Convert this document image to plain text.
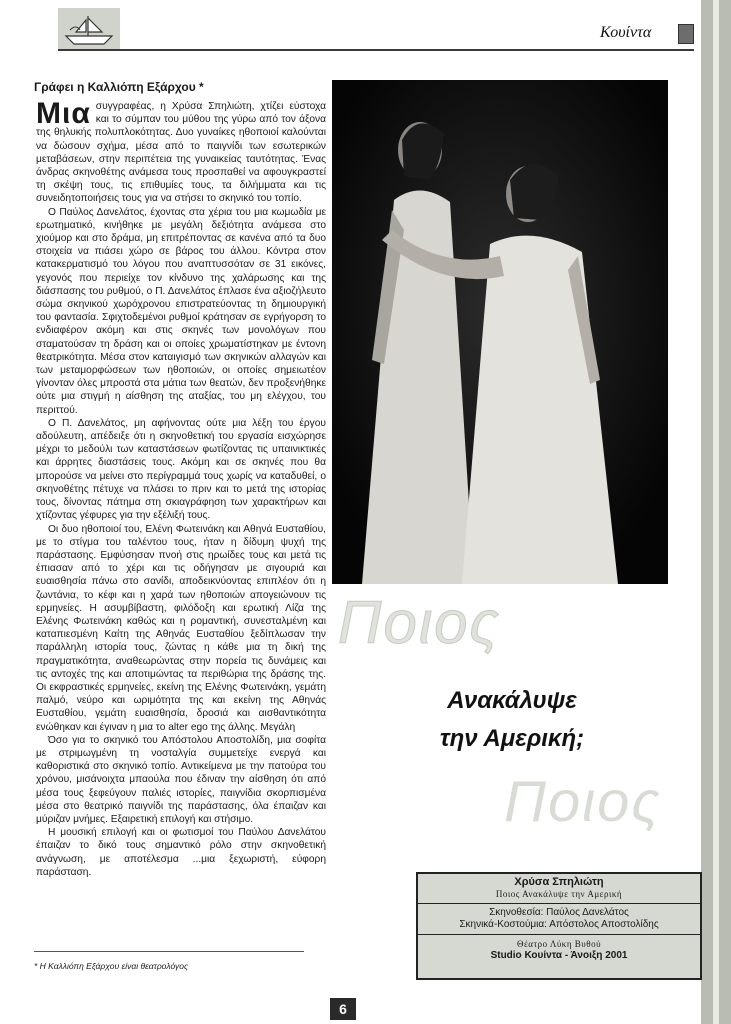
Κουίντα
Γράφει η Καλλιόπη Εξάρχου *

Μια συγγραφέας, η Χρύσα Σπηλιώτη, χτίζει εύστοχα και το σύμπαν του μύθου της γύρω από τον άξονα της θηλυκής πολυπλοκότητας. Δυο γυναίκες ηθοποιοί καλούνται να δώσουν σχήμα, μέσα από το παιγνίδι των εσωτερικών μεταβάσεων, στην περιπέτεια της γυναικείας ταυτότητας. Ένας άνδρας σκηνοθέτης ανάμεσα τους προσπαθεί να αφουγκραστεί τη σκέψη τους, τις επιθυμίες τους, τα διλήμματα και τις συνειδητοποιήσεις τους για να στήσει το σκηνικό του τοπίο.

Ο Παύλος Δανελάτος, έχοντας στα χέρια του μια κωμωδία με ερωτηματικό, κινήθηκε με μεγάλη δεξιότητα ανάμεσα στο χιούμορ και στο δράμα, μη επιτρέποντας σε κανένα από τα δυο στοιχεία να πιάσει χώρο σε βάρος του άλλου. Κόντρα στον κατακερματισμό του λόγου που αναπτυσσόταν σε 31 εικόνες, γεγονός που περιείχε τον κίνδυνο της χαλάρωσης και της διάσπασης του ρυθμού, ο Π. Δανελάτος έπλασε ένα αξιοζήλευτο σώμα σκηνικού χωρόχρονου επιστρατεύοντας τη δημιουργική του φαντασία. Σφιχτοδεμένοι ρυθμοί κράτησαν σε εγρήγορση το ενδιαφέρον ακόμη και στις σκηνές των μονολόγων που σταματούσαν τη δράση και οι οποίες χρωματίστηκαν με έντονη θεατρικότητα. Μέσα στον καταιγισμό των σκηνικών αλλαγών και των μεταμορφώσεων των ηθοποιών, οι οποίες σημειωτέον γίνονταν όλες μπροστά στα μάτια των θεατών, δεν προξενήθηκε ούτε μια στιγμή η αίσθηση της αταξίας, του μη ελέγχου, του περιττού.

Ο Π. Δανελάτος, μη αφήνοντας ούτε μια λέξη του έργου αδούλευτη, απέδειξε ότι η σκηνοθετική του εργασία εισχώρησε μέχρι το μεδούλι των καταστάσεων φωτίζοντας τις υπαινικτικές και άρρητες διαστάσεις τους. Ακόμη και σε σκηνές που θα μπορούσε να μείνει στο περίγραμμά τους χωρίς να καταδυθεί, ο σκηνοθέτης πέτυχε να πλάσει το πριν και το μετά της ιστορίας τους, δίνοντας πάτημα στη σκιαγράφηση των χαρακτήρων και χτίζοντας γέφυρες για την εξέλιξή τους.

Οι δυο ηθοποιοί του, Ελένη Φωτεινάκη και Αθηνά Ευσταθίου, με το στίγμα του ταλέντου τους, ήταν η δίδυμη ψυχή της παράστασης. Εμφύσησαν πνοή στις ηρωίδες τους και μετά τις έπιασαν από το χέρι και τις οδήγησαν με σιγουριά και ευαισθησία πάνω στο σανίδι, αποδεικνύοντας επιπλέον ότι η ζωντάνια, το κέφι και η χαρά των ηθοποιών απογειώνουν τις ερμηνείες. Η ασυμβίβαστη, φιλόδοξη και ερωτική Λίζα της Ελένης Φωτεινάκη καθώς και η ρομαντική, συνεσταλμένη και καταπιεσμένη Καίτη της Αθηνάς Ευσταθίου ξεδίπλωσαν την παράλληλη ιστορία τους, ζώντας η κάθε μια τη δική της πραγματικότητα, αναθεωρώντας στην πορεία τις δυνάμεις και τις αντοχές της και αποτιμώντας τα περιθώρια της δράσης της. Οι εκφραστικές ερμηνείες, εκείνη της Ελένης Φωτεινάκη, γεμάτη παλμό, νεύρο και ωριμότητα της και εκείνη της Αθηνάς Ευσταθίου, γεμάτη ευαισθησία, δροσιά και αισθαντικότητα ενώθηκαν και έγιναν η μια το alter ego της άλλης. Μεγάλη

Όσο για το σκηνικό του Απόστολου Αποστολίδη, μια σοφίτα με στριμωγμένη τη νοσταλγία συμμετείχε ενεργά και καθοριστικά στο σκηνικό τοπίο. Αντικείμενα με την πατούρα του χρόνου, μισάνοιχτα μπαούλα που έδιναν την αίσθηση ότι από μέσα τους ξεφεύγουν παλιές ιστορίες, παιγνίδια σκορπισμένα μέσα στο θεατρικό παιγνίδι της παράστασης, όλα έπαιζαν και μύριζαν μνήμες. Εξαιρετική επιλογή και στήσιμο.

Η μουσική επιλογή και οι φωτισμοί του Παύλου Δανελάτου έπαιζαν το δικό τους σημαντικό ρόλο στην σκηνοθετική ανάγνωση, με αποτέλεσμα ...μια ξεχωριστή, εύφορη παράσταση.

Ποιος
Ανακάλυψε
την Αμερική;
Ποιος
Χρύσα Σπηλιώτη
Ποιος Ανακάλυψε την Αμερική
Σκηνοθεσία: Παύλος Δανελάτος
Σκηνικά-Κοστούμια: Απόστολος Αποστολίδης
Θέατρο Λύκη Βυθού
Studio Κουίντα - Άνοιξη 2001
* Η Καλλιόπη Εξάρχου είναι θεατρολόγος
6
